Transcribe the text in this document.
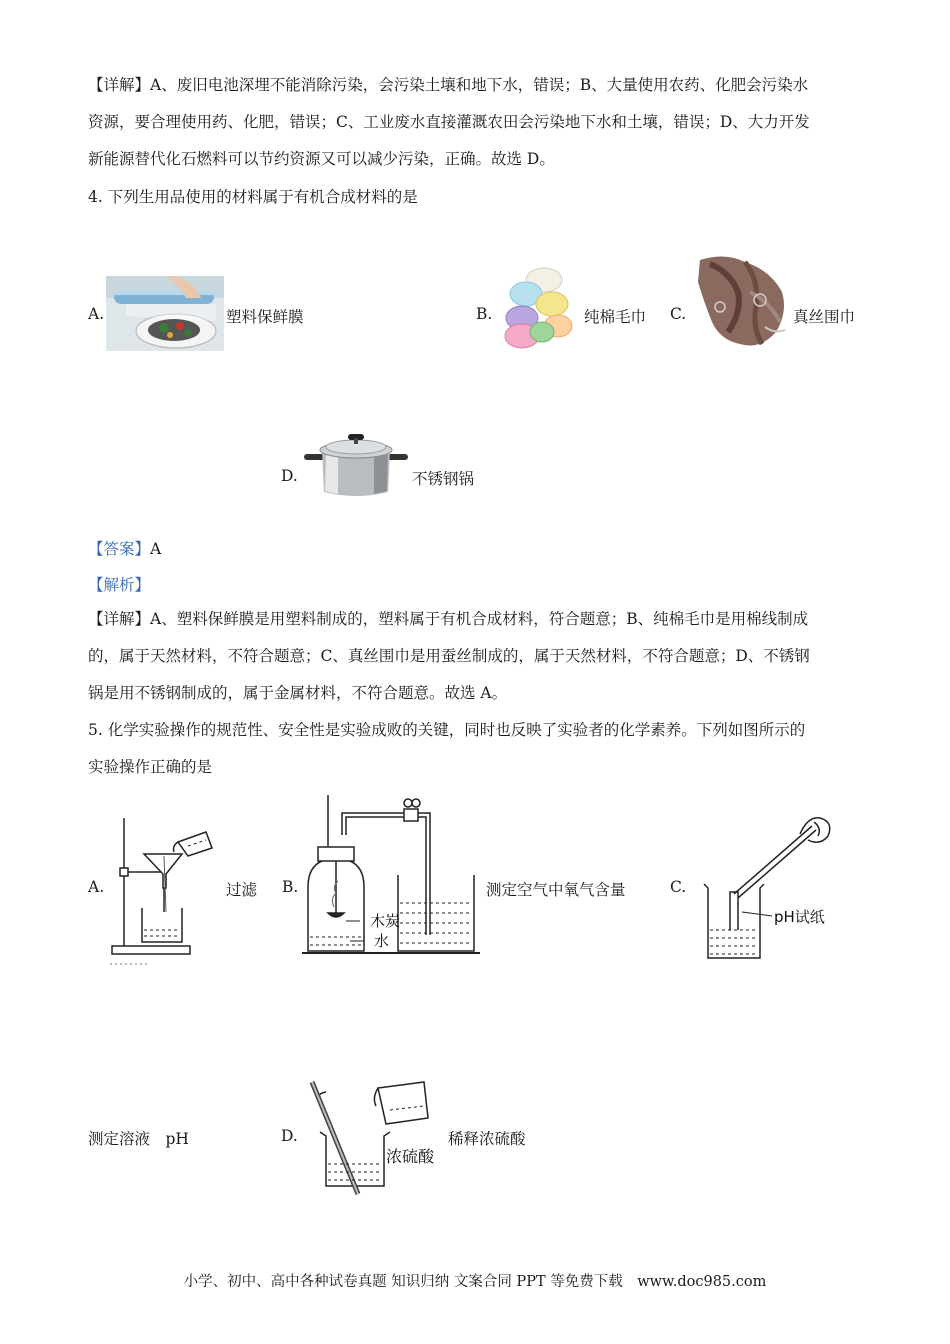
【详解】A、废旧电池深埋不能消除污染，会污染土壤和地下水，错误；B、大量使用农药、化肥会污染水
资源，要合理使用药、化肥，错误；C、工业废水直接灌溉农田会污染地下水和土壤，错误；D、大力开发
新能源替代化石燃料可以节约资源又可以减少污染，正确。故选 D。
4. 下列生用品使用的材料属于有机合成材料的是
A.	塑料保鲜膜	B.	纯棉毛巾 C.	真丝围巾
D.	不锈钢锅
【答案】A
【解析】
【详解】A、塑料保鲜膜是用塑料制成的，塑料属于有机合成材料，符合题意；B、纯棉毛巾是用棉线制成
的，属于天然材料，不符合题意；C、真丝围巾是用蚕丝制成的，属于天然材料，不符合题意；D、不锈钢
锅是用不锈钢制成的，属于金属材料，不符合题意。故选 A。
5. 化学实验操作的规范性、安全性是实验成败的关键，同时也反映了实验者的化学素养。下列如图所示的
实验操作正确的是
A.	过滤 B.
木炭
水
测定空气中氧气含量	C.
pH试纸
测定溶液　pH	D.
浓硫酸
稀释浓硫酸
小学、初中、高中各种试卷真题 知识归纳 文案合同 PPT 等免费下载　www.doc985.com
